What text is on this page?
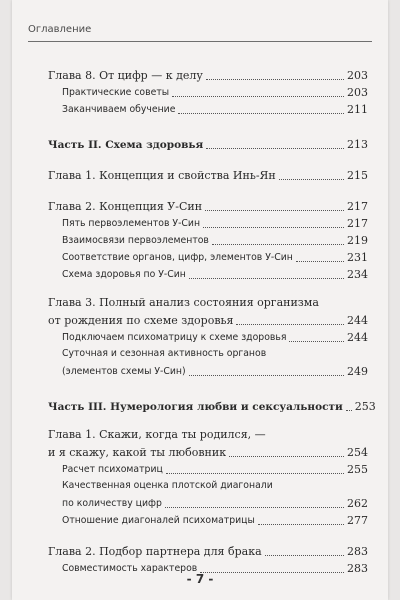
Оглавление
Глава 8. От цифр — к делу	203
Практические советы	203
Заканчиваем обучение	211
Часть II. Схема здоровья	213
Глава 1. Концепция и свойства Инь-Ян	215
Глава 2. Концепция У-Син	217
Пять первоэлементов У-Син	217
Взаимосвязи первоэлементов	219
Соответствие органов, цифр, элементов У-Син	231
Схема здоровья по У-Син	234
Глава 3. Полный анализ состояния организма
от рождения по схеме здоровья	244
Подключаем психоматрицу к схеме здоровья	244
Суточная и сезонная активность органов
(элементов схемы У-Син)	249
Часть III. Нумерология любви и сексуальности 253
Глава 1. Скажи, когда ты родился, —
и я скажу, какой ты любовник	254
Расчет психоматриц	255
Качественная оценка плотской диагонали
по количеству цифр	262
Отношение диагоналей психоматрицы	277
Глава 2. Подбор партнера для брака	283
Совместимость характеров	283
- 7 -
